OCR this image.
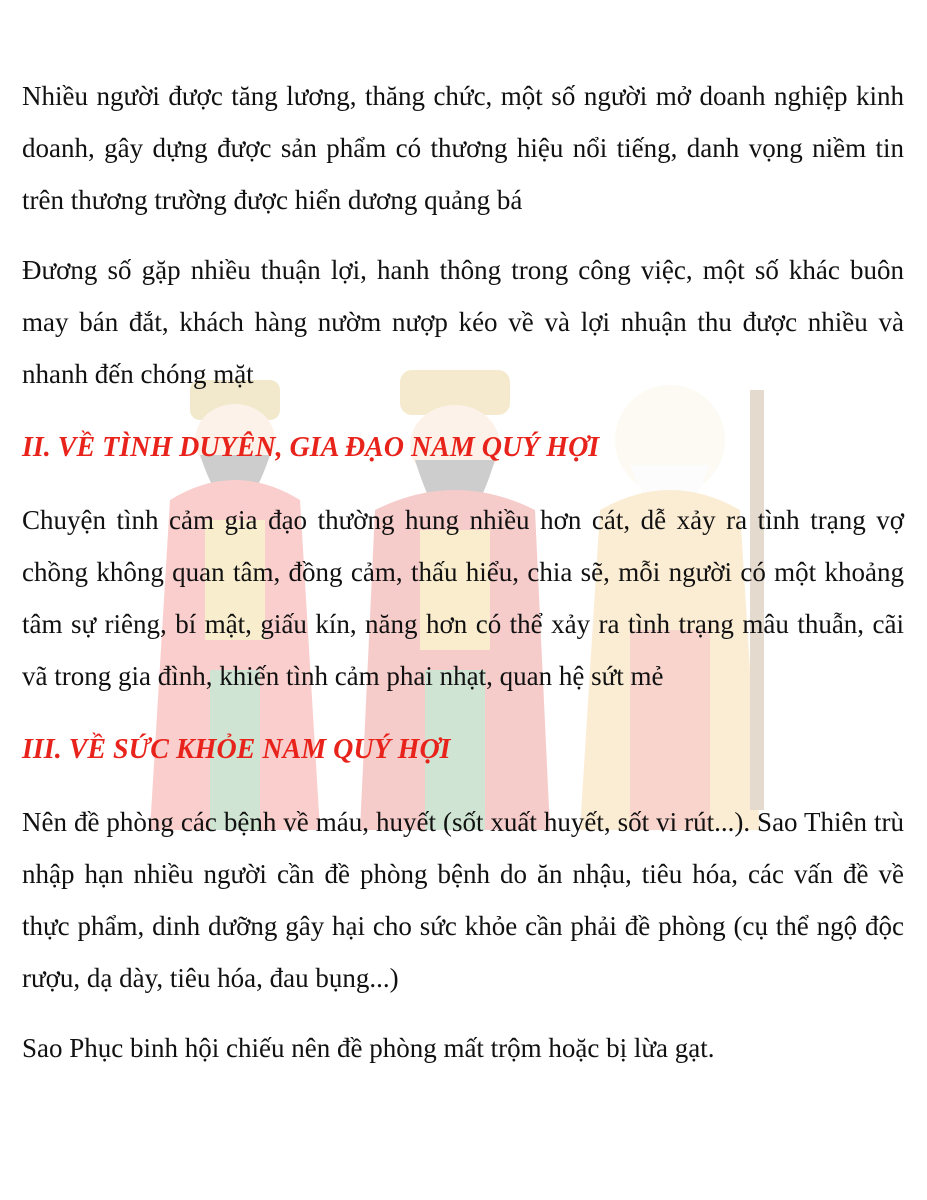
Nhiều người được tăng lương, thăng chức, một số người mở doanh nghiệp kinh doanh, gây dựng được sản phẩm có thương hiệu nổi tiếng, danh vọng niềm tin trên thương trường được hiển dương quảng bá

Đương số gặp nhiều thuận lợi, hanh thông trong công việc, một số khác buôn may bán đắt, khách hàng nườm nượp kéo về và lợi nhuận thu được nhiều và nhanh đến chóng mặt

II. VỀ TÌNH DUYÊN, GIA ĐẠO NAM QUÝ HỢI

Chuyện tình cảm gia đạo thường hung nhiều hơn cát, dễ xảy ra tình trạng vợ chồng không quan tâm, đồng cảm, thấu hiểu, chia sẽ, mỗi người có một khoảng tâm sự riêng, bí mật, giấu kín, năng hơn có thể xảy ra tình trạng mâu thuẫn, cãi vã trong gia đình, khiến tình cảm phai nhạt, quan hệ sứt mẻ

III. VỀ SỨC KHỎE NAM QUÝ HỢI

Nên đề phòng các bệnh về máu, huyết (sốt xuất huyết, sốt vi rút...). Sao Thiên trù nhập hạn nhiều người cần đề phòng bệnh do ăn nhậu, tiêu hóa, các vấn đề về thực phẩm, dinh dưỡng gây hại cho sức khỏe cần phải đề phòng (cụ thể ngộ độc rượu, dạ dày, tiêu hóa, đau bụng...)

Sao Phục binh hội chiếu nên đề phòng mất trộm hoặc bị lừa gạt.
